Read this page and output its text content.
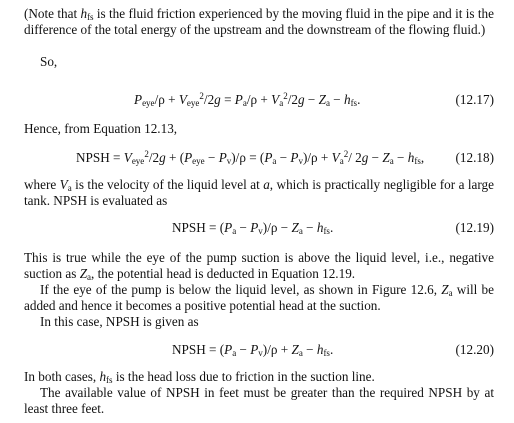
(Note that $h_{fs}$ is the fluid friction experienced by the moving fluid in the pipe and it is the difference of the total energy of the upstream and the downstream of the flowing fluid.)
So,
$P_{eye}/\rho + V_{eye}^2/2g = P_a/\rho + V_a^2/2g - Z_a - h_{fs}$.	(12.17)
Hence, from Equation 12.13,
NPSH = $V_{eye}^2/2g + (P_{eye} - P_v)/\rho = (P_a - P_v)/\rho + V_a^2/$ $2g - Z_a - h_{fs}$, (12.18)
where $V_a$ is the velocity of the liquid level at a, which is practically negligible for a large tank. NPSH is evaluated as
NPSH = $(P_a - P_v)/\rho - Z_a - h_{fs}$.	(12.19)
This is true while the eye of the pump suction is above the liquid level, i.e., negative suction as $Z_a$, the potential head is deducted in Equation 12.19.
If the eye of the pump is below the liquid level, as shown in Figure 12.6, $Z_a$ will be added and hence it becomes a positive potential head at the suction.
In this case, NPSH is given as
NPSH = $(P_a - P_v)/\rho + Z_a - h_{fs}$.	(12.20)
In both cases, $h_{fs}$ is the head loss due to friction in the suction line.
The available value of NPSH in feet must be greater than the required NPSH by at least three feet.
